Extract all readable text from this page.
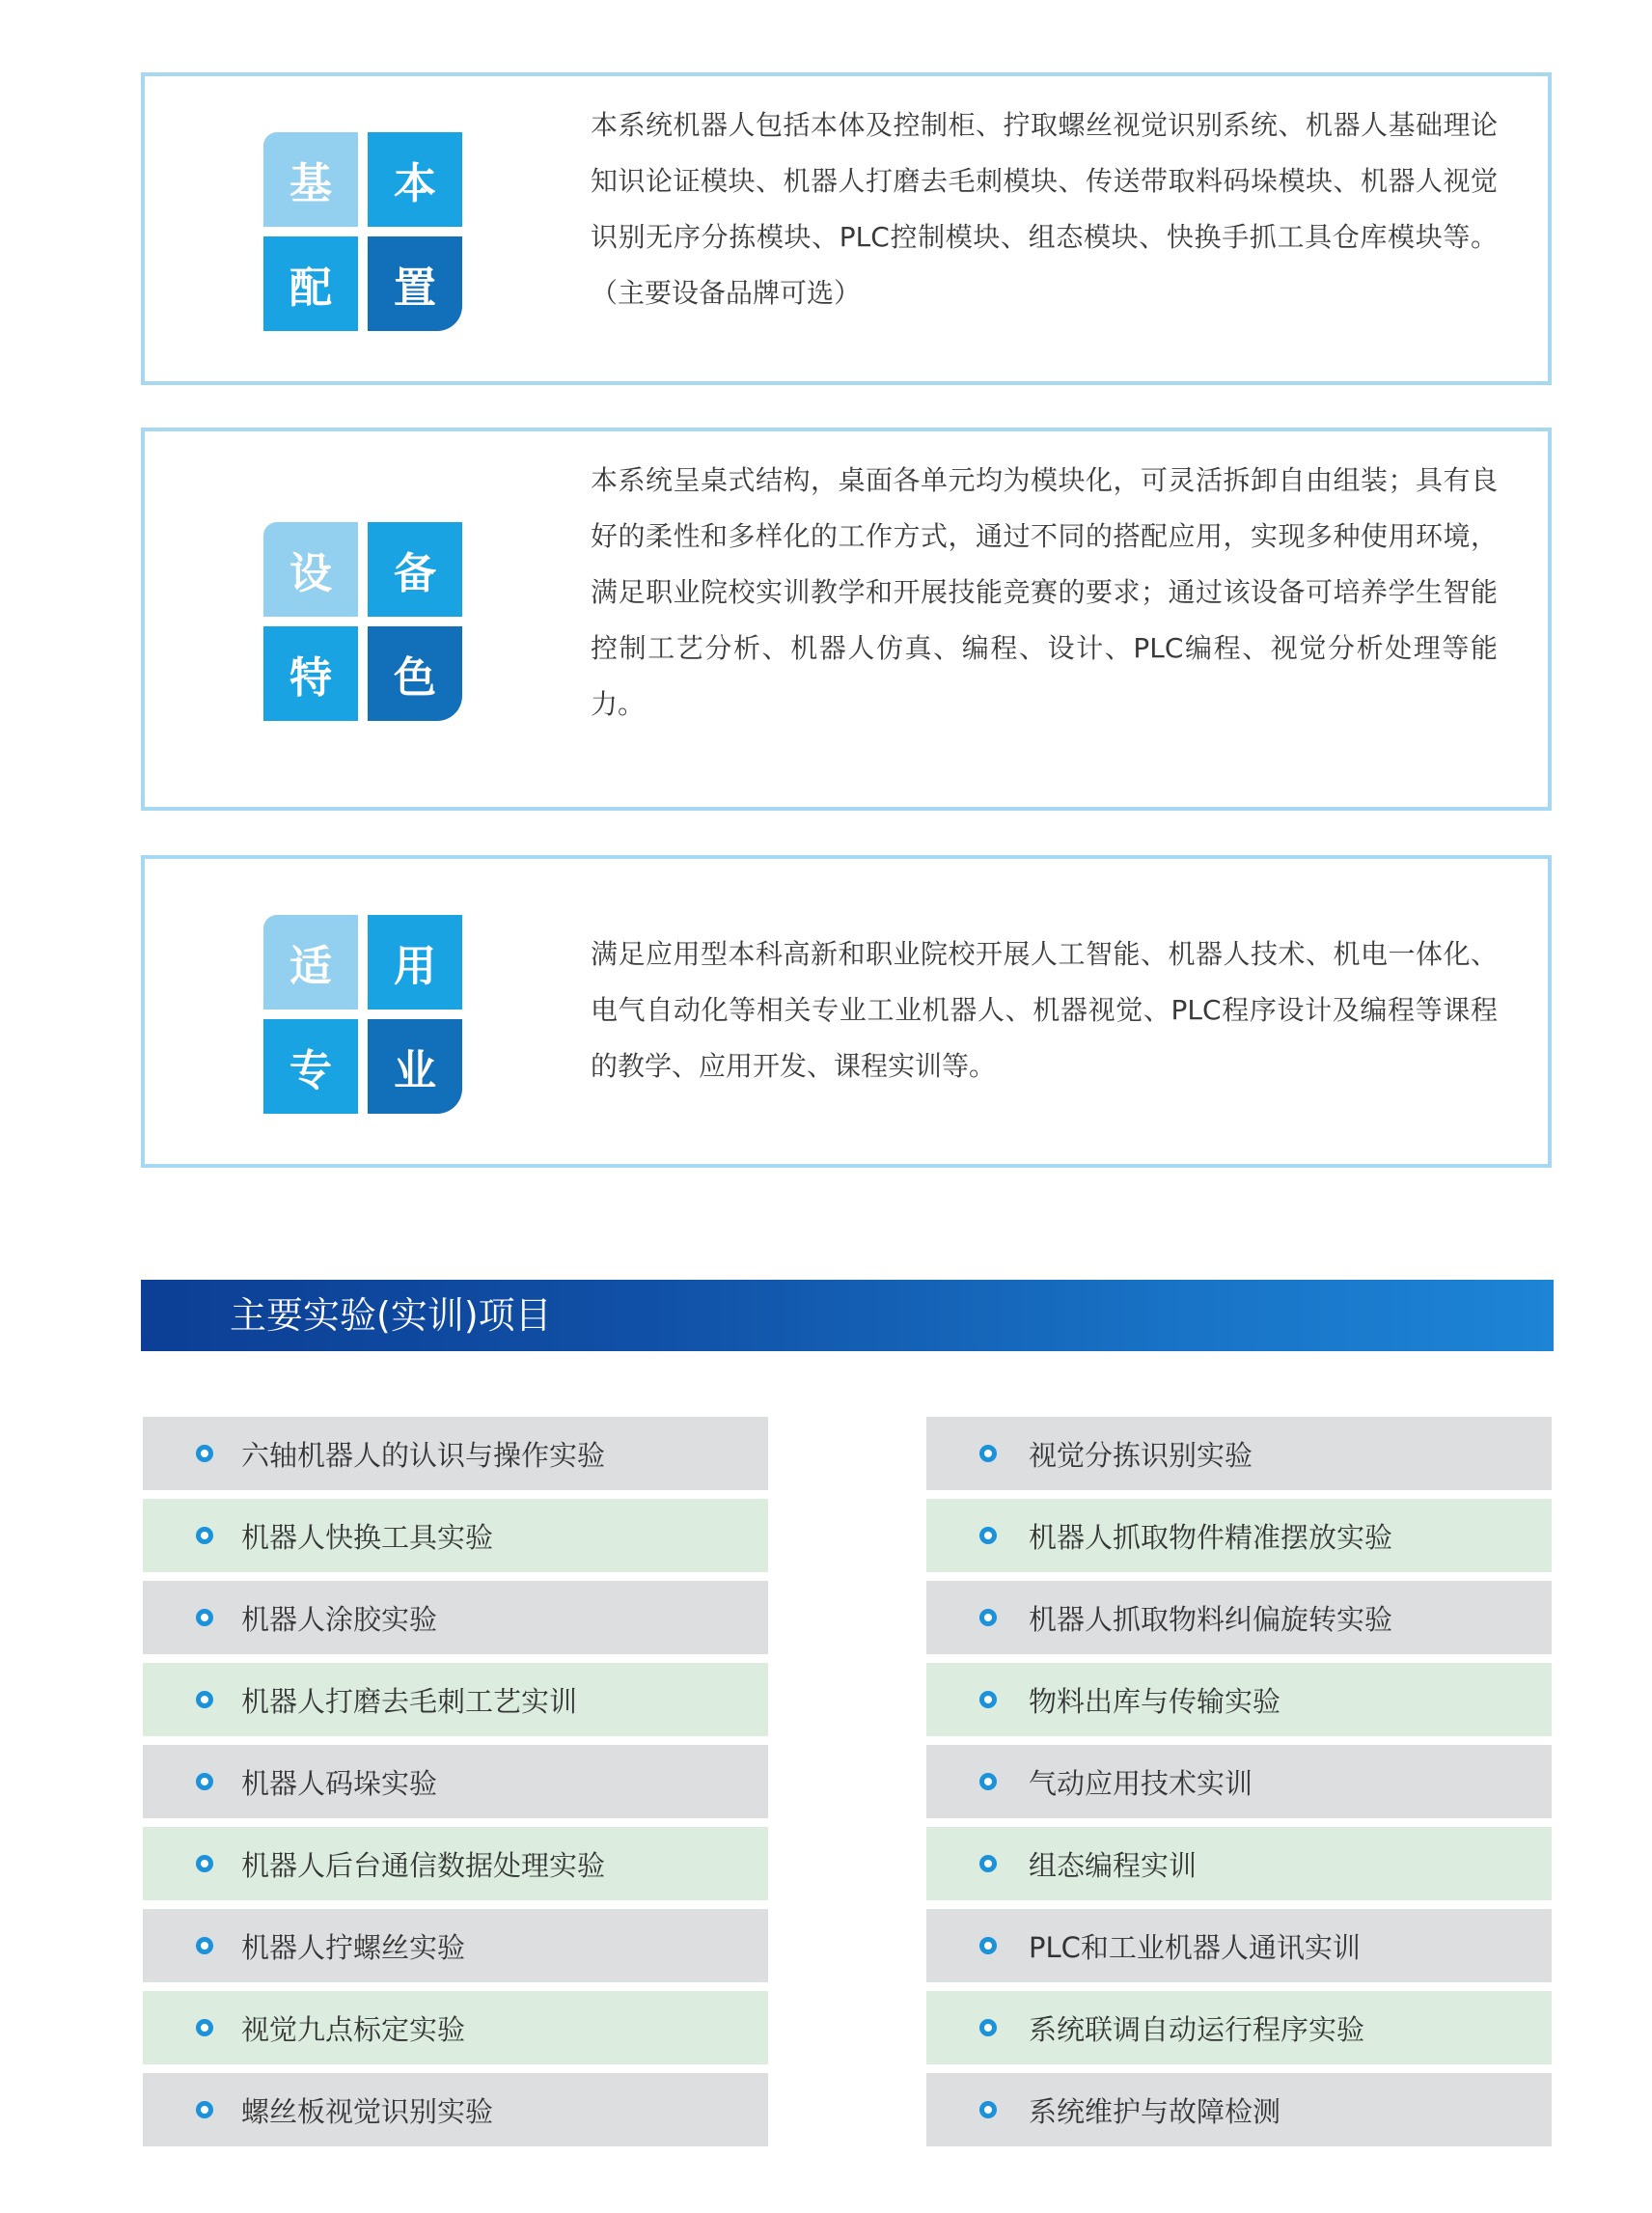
基	本
配	置

本系统机器人包括本体及控制柜、拧取螺丝视觉识别系统、机器人基础理论知识论证模块、机器人打磨去毛刺模块、传送带取料码垛模块、机器人视觉识别无序分拣模块、PLC控制模块、组态模块、快换手抓工具仓库模块等。（主要设备品牌可选）

设	备
特	色

本系统呈桌式结构，桌面各单元均为模块化，可灵活拆卸自由组装；具有良好的柔性和多样化的工作方式，通过不同的搭配应用，实现多种使用环境，满足职业院校实训教学和开展技能竞赛的要求；通过该设备可培养学生智能控制工艺分析、机器人仿真、编程、设计、PLC编程、视觉分析处理等能力。

适	用
专	业

满足应用型本科高新和职业院校开展人工智能、机器人技术、机电一体化、电气自动化等相关专业工业机器人、机器视觉、PLC程序设计及编程等课程的教学、应用开发、课程实训等。

主要实验(实训)项目
六轴机器人的认识与操作实验
机器人快换工具实验
机器人涂胶实验
机器人打磨去毛刺工艺实训
机器人码垛实验
机器人后台通信数据处理实验
机器人拧螺丝实验
视觉九点标定实验
螺丝板视觉识别实验
视觉分拣识别实验
机器人抓取物件精准摆放实验
机器人抓取物料纠偏旋转实验
物料出库与传输实验
气动应用技术实训
组态编程实训
PLC和工业机器人通讯实训
系统联调自动运行程序实验
系统维护与故障检测
